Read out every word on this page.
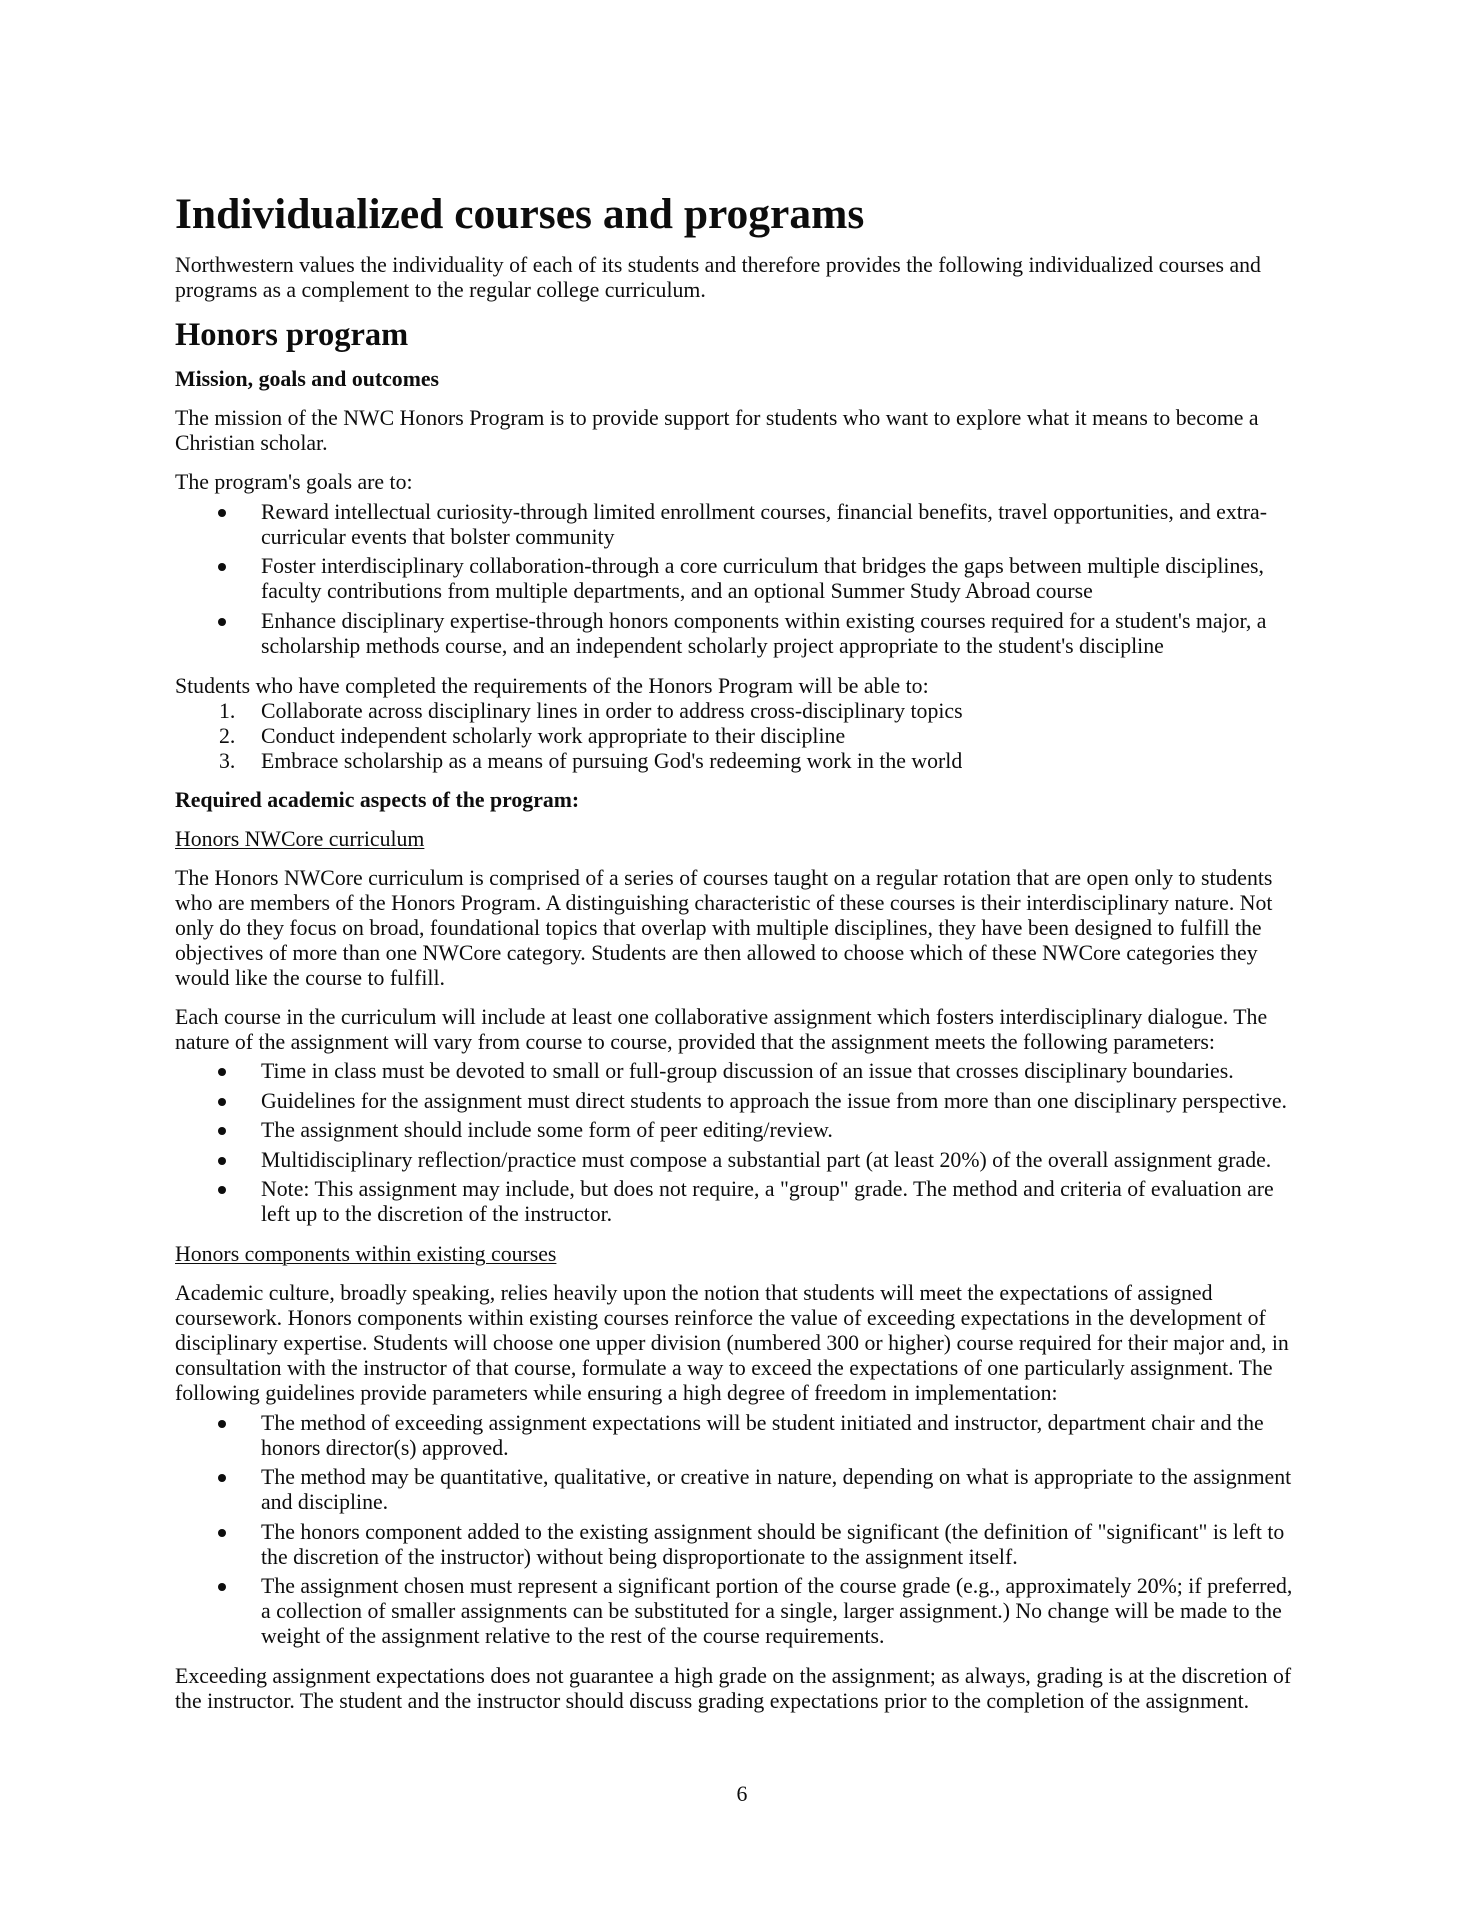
Individualized courses and programs

Northwestern values the individuality of each of its students and therefore provides the following individualized courses and programs as a complement to the regular college curriculum.

Honors program

Mission, goals and outcomes

The mission of the NWC Honors Program is to provide support for students who want to explore what it means to become a Christian scholar.

The program's goals are to:

Reward intellectual curiosity-through limited enrollment courses, financial benefits, travel opportunities, and extra-curricular events that bolster community
Foster interdisciplinary collaboration-through a core curriculum that bridges the gaps between multiple disciplines, faculty contributions from multiple departments, and an optional Summer Study Abroad course
Enhance disciplinary expertise-through honors components within existing courses required for a student's major, a scholarship methods course, and an independent scholarly project appropriate to the student's discipline

Students who have completed the requirements of the Honors Program will be able to:

1. Collaborate across disciplinary lines in order to address cross-disciplinary topics
2. Conduct independent scholarly work appropriate to their discipline
3. Embrace scholarship as a means of pursuing God's redeeming work in the world

Required academic aspects of the program:

Honors NWCore curriculum

The Honors NWCore curriculum is comprised of a series of courses taught on a regular rotation that are open only to students who are members of the Honors Program. A distinguishing characteristic of these courses is their interdisciplinary nature. Not only do they focus on broad, foundational topics that overlap with multiple disciplines, they have been designed to fulfill the objectives of more than one NWCore category. Students are then allowed to choose which of these NWCore categories they would like the course to fulfill.

Each course in the curriculum will include at least one collaborative assignment which fosters interdisciplinary dialogue. The nature of the assignment will vary from course to course, provided that the assignment meets the following parameters:

Time in class must be devoted to small or full-group discussion of an issue that crosses disciplinary boundaries.
Guidelines for the assignment must direct students to approach the issue from more than one disciplinary perspective.
The assignment should include some form of peer editing/review.
Multidisciplinary reflection/practice must compose a substantial part (at least 20%) of the overall assignment grade.
Note: This assignment may include, but does not require, a "group" grade. The method and criteria of evaluation are left up to the discretion of the instructor.

Honors components within existing courses

Academic culture, broadly speaking, relies heavily upon the notion that students will meet the expectations of assigned coursework. Honors components within existing courses reinforce the value of exceeding expectations in the development of disciplinary expertise. Students will choose one upper division (numbered 300 or higher) course required for their major and, in consultation with the instructor of that course, formulate a way to exceed the expectations of one particularly assignment. The following guidelines provide parameters while ensuring a high degree of freedom in implementation:

The method of exceeding assignment expectations will be student initiated and instructor, department chair and the honors director(s) approved.
The method may be quantitative, qualitative, or creative in nature, depending on what is appropriate to the assignment and discipline.
The honors component added to the existing assignment should be significant (the definition of "significant" is left to the discretion of the instructor) without being disproportionate to the assignment itself.
The assignment chosen must represent a significant portion of the course grade (e.g., approximately 20%; if preferred, a collection of smaller assignments can be substituted for a single, larger assignment.) No change will be made to the weight of the assignment relative to the rest of the course requirements.

Exceeding assignment expectations does not guarantee a high grade on the assignment; as always, grading is at the discretion of the instructor. The student and the instructor should discuss grading expectations prior to the completion of the assignment.

6
